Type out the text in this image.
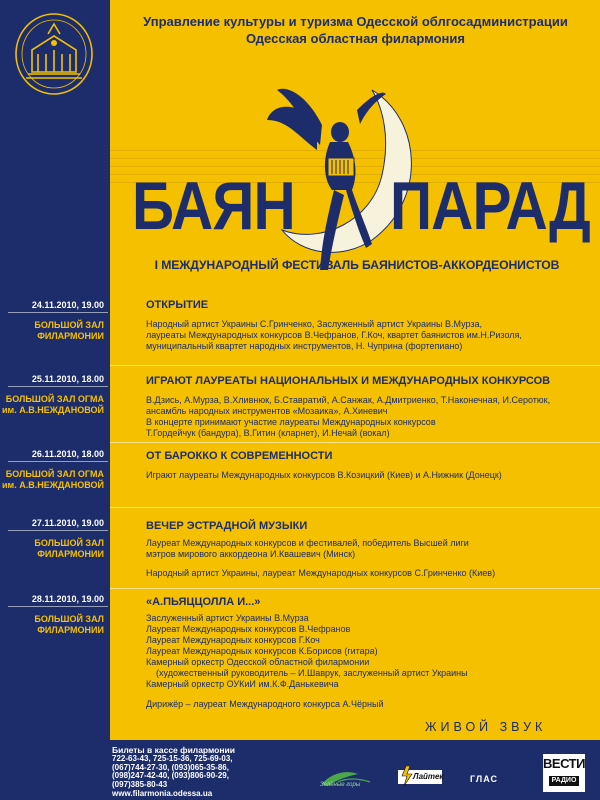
Управление культуры и туризма Одесской облгосадминистрации
Одесская областная филармония
БАЯН ПАРАД
I МЕЖДУНАРОДНЫЙ ФЕСТИВАЛЬ БАЯНИСТОВ-АККОРДЕОНИСТОВ
24.11.2010, 19.00
БОЛЬШОЙ ЗАЛ
ФИЛАРМОНИИ
ОТКРЫТИЕ
Народный артист Украины С.Гринченко, Заслуженный артист Украины В.Мурза,
лауреаты Международных конкурсов В.Чефранов, Г.Коч, квартет баянистов им.Н.Ризоля,
муниципальный квартет народных инструментов, Н. Чуприна (фортепиано)
25.11.2010, 18.00
БОЛЬШОЙ ЗАЛ ОГМА
им. А.В.НЕЖДАНОВОЙ
ИГРАЮТ ЛАУРЕАТЫ НАЦИОНАЛЬНЫХ И МЕЖДУНАРОДНЫХ КОНКУРСОВ
В.Дзись, А.Мурза, В.Хливнюк, Б.Ставратий, А.Санжак, А.Дмитриенко, Т.Наконечная, И.Серотюк,
ансамбль народных инструментов «Мозаика», А.Хиневич
В концерте принимают участие лауреаты Международных конкурсов
Т.Гордейчук (бандура), В.Гитин (кларнет), И.Нечай (вокал)
26.11.2010, 18.00
БОЛЬШОЙ ЗАЛ ОГМА
им. А.В.НЕЖДАНОВОЙ
ОТ БАРОККО К СОВРЕМЕННОСТИ
Играют лауреаты Международных конкурсов В.Козицкий (Киев) и А.Нижник (Донецк)
27.11.2010, 19.00
БОЛЬШОЙ ЗАЛ
ФИЛАРМОНИИ
ВЕЧЕР ЭСТРАДНОЙ МУЗЫКИ
Лауреат Международных конкурсов и фестивалей, победитель Высшей лиги
мэтров мирового аккордеона И.Квашевич (Минск)
Народный артист Украины, лауреат Международных конкурсов С.Гринченко (Киев)
28.11.2010, 19.00
БОЛЬШОЙ ЗАЛ
ФИЛАРМОНИИ
«А.ПЬЯЦЦОЛЛА И...»
Заслуженный артист Украины В.Мурза
Лауреат Международных конкурсов В.Чефранов
Лауреат Международных конкурсов Г.Коч
Лауреат Международных конкурсов К.Борисов (гитара)
Камерный оркестр Одесской областной филармонии
(художественный руководитель – И.Шаврук, заслуженный артист Украины
Камерный оркестр ОУКиИ им.К.Ф.Данькевича
Дирижёр – лауреат Международного конкурса А.Чёрный
ЖИВОЙ ЗВУК
Билеты в кассе филармонии
722-63-43, 725-15-36, 725-69-03,
(067)744-27-30, (093)065-35-86,
(098)247-42-40, (093)806-90-29,
(097)385-80-43
www.filarmonia.odessa.ua
Зелёные горы
Лайтек	ГЛАС
ВЕСТИ
РАДИО
